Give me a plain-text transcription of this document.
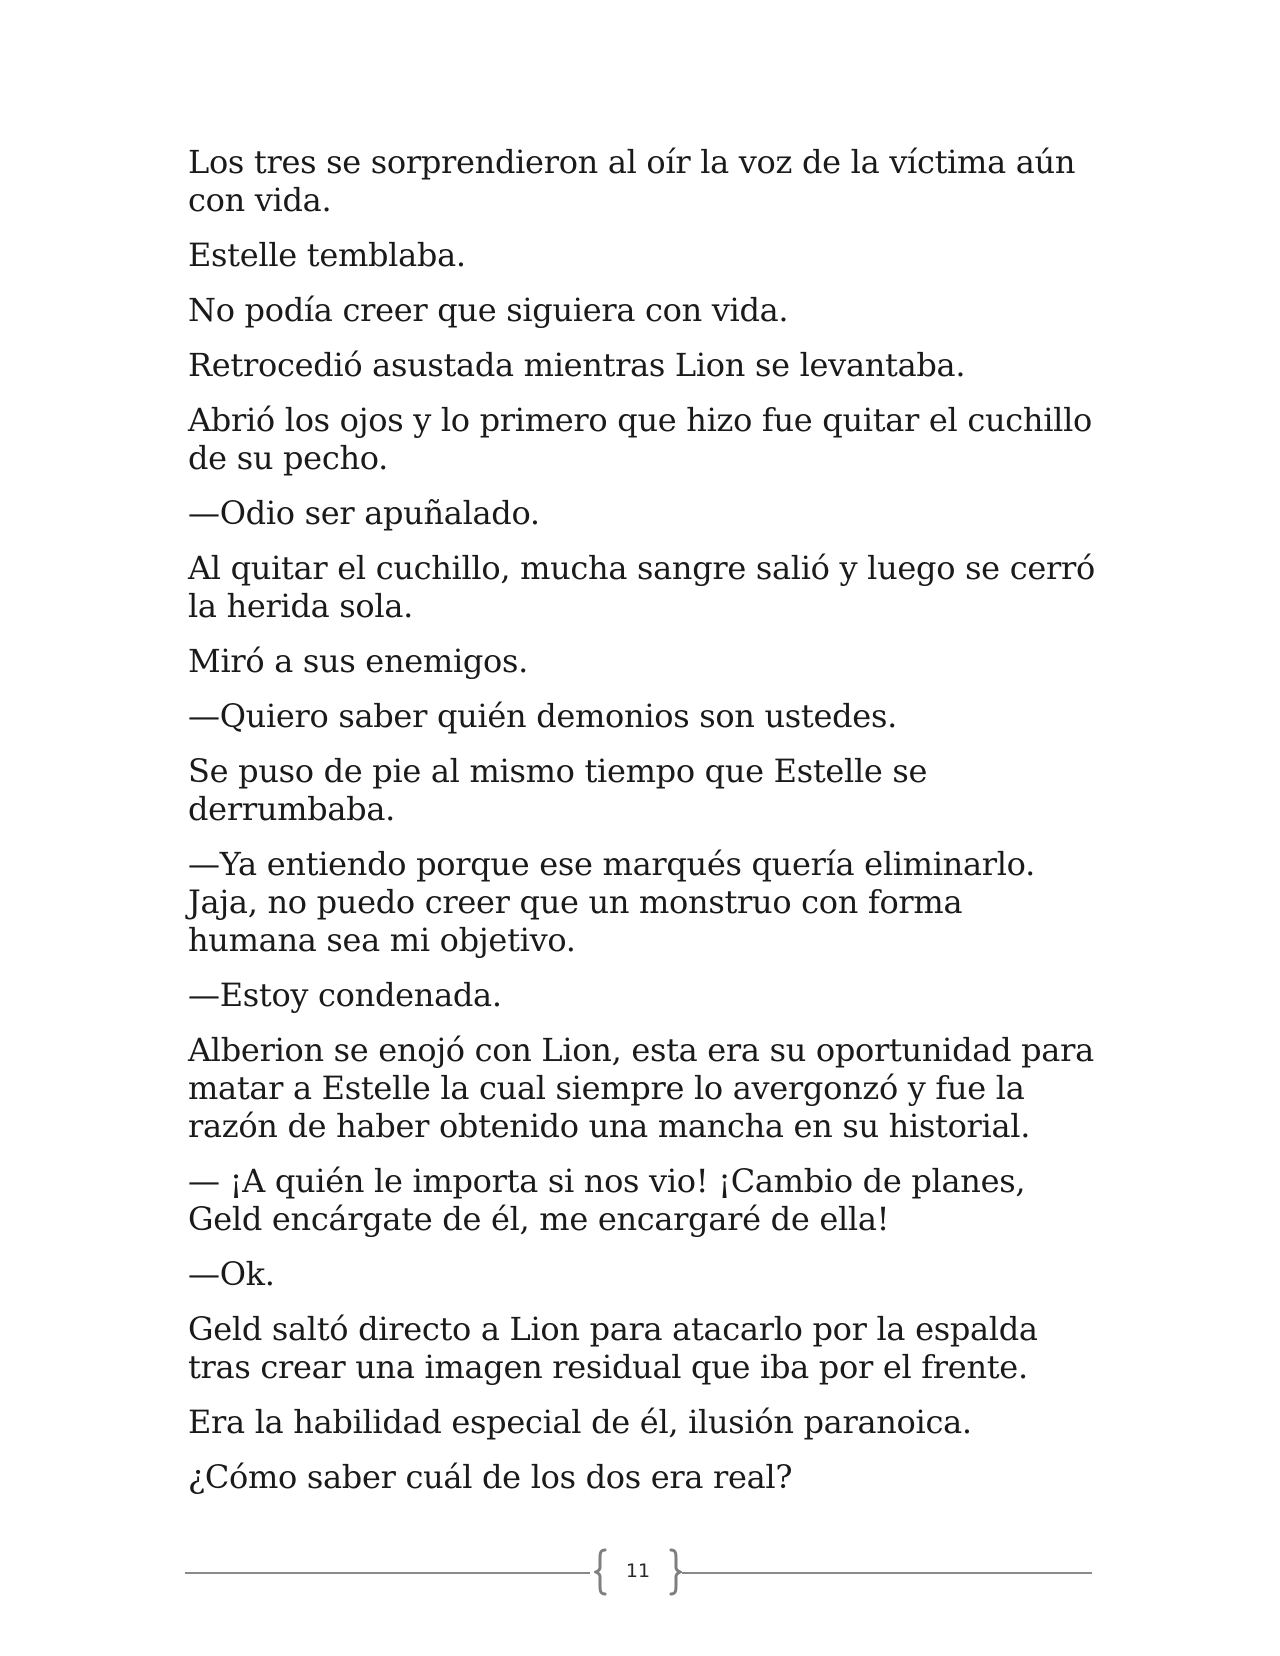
Los tres se sorprendieron al oír la voz de la víctima aún con vida.

Estelle temblaba.

No podía creer que siguiera con vida.

Retrocedió asustada mientras Lion se levantaba.

Abrió los ojos y lo primero que hizo fue quitar el cuchillo de su pecho.

—Odio ser apuñalado.

Al quitar el cuchillo, mucha sangre salió y luego se cerró la herida sola.

Miró a sus enemigos.

—Quiero saber quién demonios son ustedes.

Se puso de pie al mismo tiempo que Estelle se derrumbaba.

—Ya entiendo porque ese marqués quería eliminarlo. Jaja, no puedo creer que un monstruo con forma humana sea mi objetivo.

—Estoy condenada.

Alberion se enojó con Lion, esta era su oportunidad para matar a Estelle la cual siempre lo avergonzó y fue la razón de haber obtenido una mancha en su historial.

— ¡A quién le importa si nos vio! ¡Cambio de planes, Geld encárgate de él, me encargaré de ella!

—Ok.

Geld saltó directo a Lion para atacarlo por la espalda tras crear una imagen residual que iba por el frente.

Era la habilidad especial de él, ilusión paranoica.

¿Cómo saber cuál de los dos era real?

11
